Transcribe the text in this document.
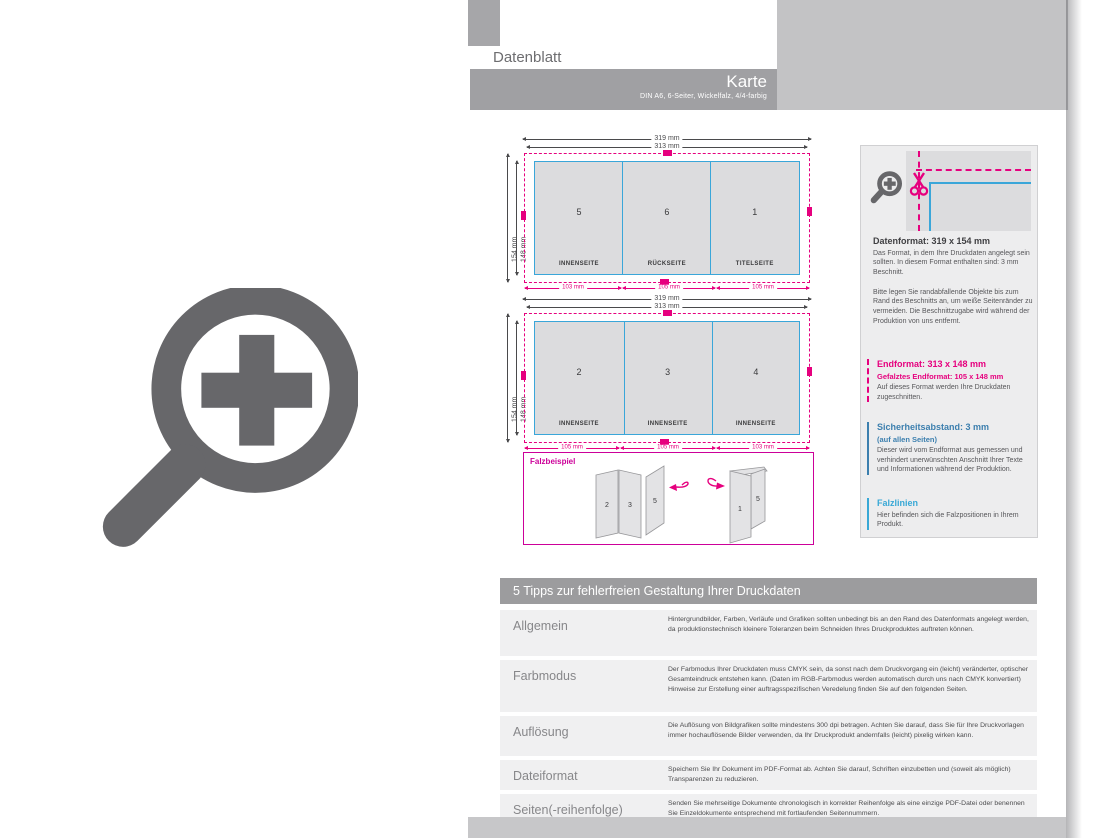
Datenblatt
Karte
DIN A6, 6-Seiter, Wickelfalz, 4/4-farbig
319 mm
313 mm
154 mm 148 mm
5
INNENSEITE
6
RÜCKSEITE
1
TITELSEITE
103 mm	105 mm	105 mm
319 mm
313 mm
154 mm 148 mm
2
INNENSEITE
3
INNENSEITE
4
INNENSEITE
105 mm	105 mm	103 mm
Falzbeispiel
2	3
5
1
5

Datenformat: 319 x 154 mm

Das Format, in dem Ihre Druckdaten angelegt sein sollten. In diesem Format enthalten sind: 3 mm Beschnitt.

Bitte legen Sie randabfallende Objekte bis zum Rand des Beschnitts an, um weiße Seitenränder zu vermeiden. Die Beschnittzugabe wird während der Produktion von uns entfernt.

Endformat: 313 x 148 mm

Gefalztes Endformat: 105 x 148 mm

Auf dieses Format werden Ihre Druckdaten zugeschnitten.

Sicherheitsabstand: 3 mm

(auf allen Seiten)

Dieser wird vom Endformat aus gemessen und verhindert unerwünschten Anschnitt Ihrer Texte und Informationen während der Produktion.

Falzlinien

Hier befinden sich die Falzpositionen in Ihrem Produkt.

5 Tipps zur fehlerfreien Gestaltung Ihrer Druckdaten
Allgemein	Hintergrundbilder, Farben, Verläufe und Grafiken sollten unbedingt bis an den Rand des Datenformats angelegt werden, da produktionstechnisch kleinere Toleranzen beim Schneiden Ihres Druckproduktes auftreten können.
Farbmodus	Der Farbmodus Ihrer Druckdaten muss CMYK sein, da sonst nach dem Druckvorgang ein (leicht) veränderter, optischer Gesamteindruck entstehen kann. (Daten im RGB-Farbmodus werden automatisch durch uns nach CMYK konvertiert) Hinweise zur Erstellung einer auftragsspezifischen Veredelung finden Sie auf den folgenden Seiten.
Auflösung	Die Auflösung von Bildgrafiken sollte mindestens 300 dpi betragen. Achten Sie darauf, dass Sie für Ihre Druckvorlagen immer hochauflösende Bilder verwenden, da Ihr Druckprodukt andernfalls (leicht) pixelig wirken kann.
Dateiformat	Speichern Sie Ihr Dokument im PDF-Format ab. Achten Sie darauf, Schriften einzubetten und (soweit als möglich) Transparenzen zu reduzieren.
Seiten(-reihenfolge)	Senden Sie mehrseitige Dokumente chronologisch in korrekter Reihenfolge als eine einzige PDF-Datei oder benennen Sie Einzeldokumente entsprechend mit fortlaufenden Seitennummern.
